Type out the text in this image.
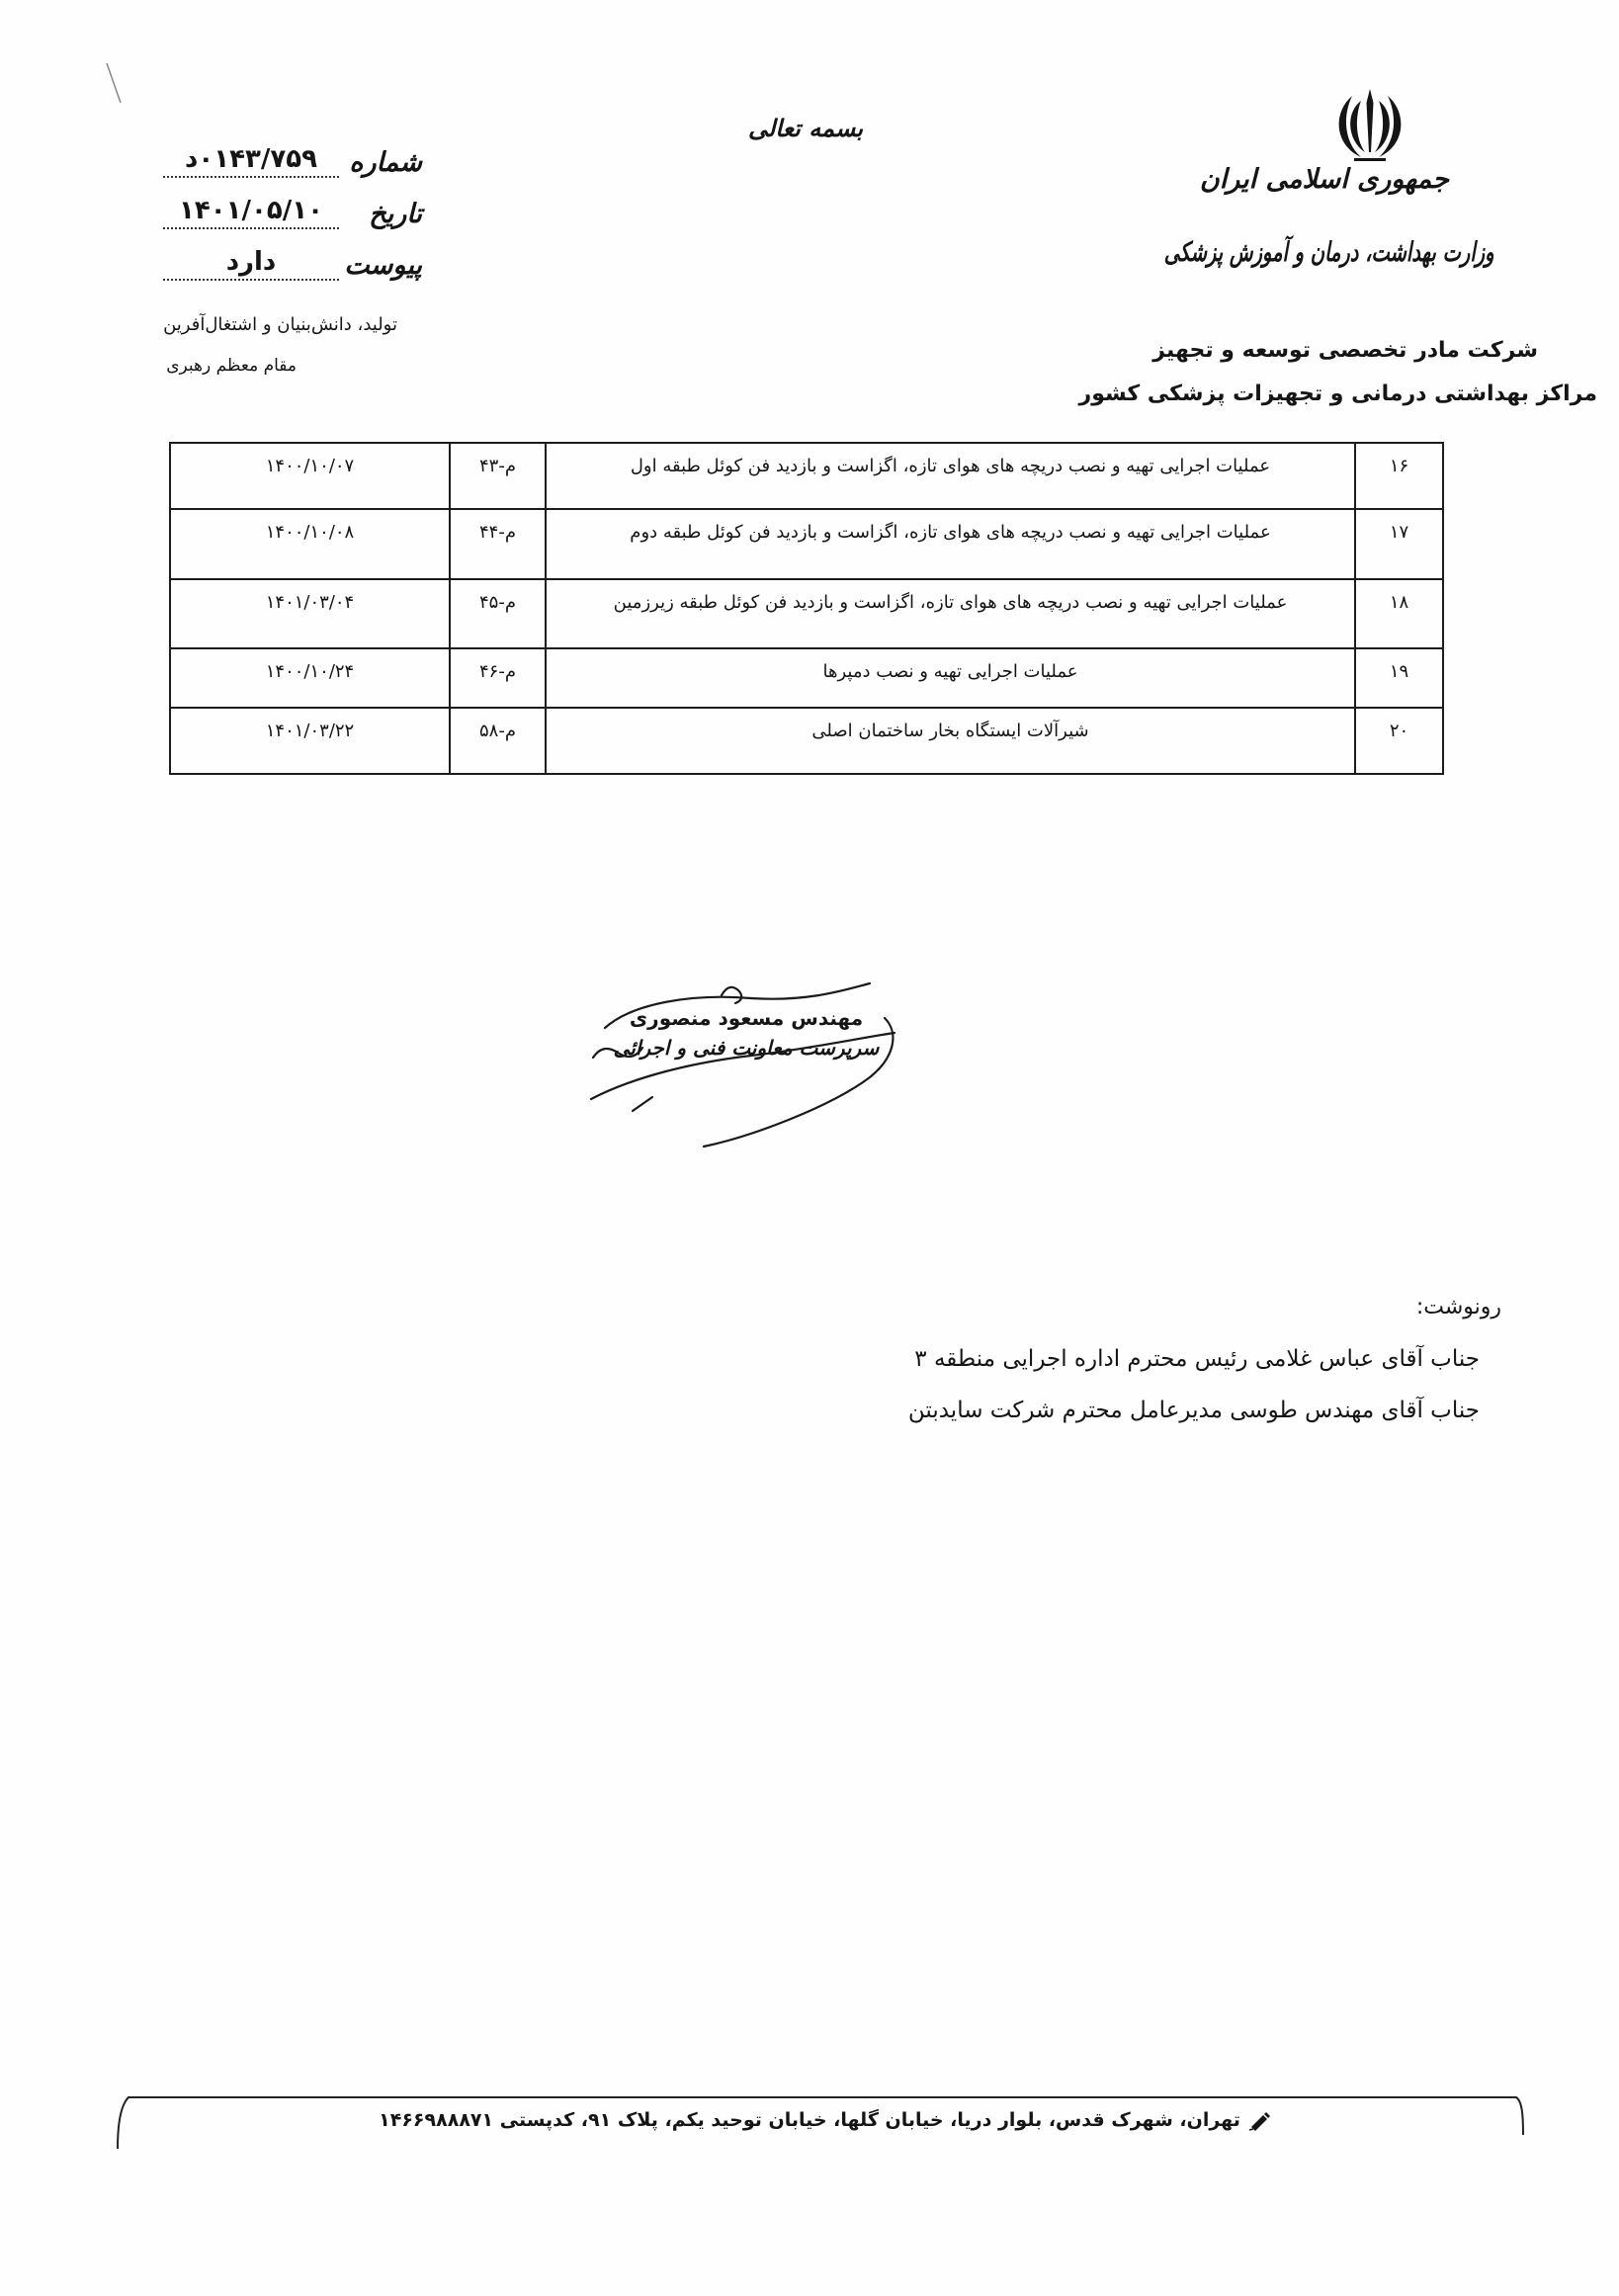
بسمه تعالی
جمهوری اسلامی ایران
وزارت بهداشت، درمان و آموزش پزشکی
شرکت مادر تخصصی توسعه و تجهیز
مراکز بهداشتی درمانی و تجهیزات پزشکی کشور
شماره
۰۱۴۳/۷۵۹د
تاریخ
۱۴۰۱/۰۵/۱۰
پیوست
دارد
تولید، دانش‌بنیان و اشتغال‌آفرین
مقام معظم رهبری
۱۶	عملیات اجرایی تهیه و نصب دریچه های هوای تازه، اگزاست و بازدید فن کوئل طبقه اول	م-۴۳	۱۴۰۰/۱۰/۰۷
۱۷	عملیات اجرایی تهیه و نصب دریچه های هوای تازه، اگزاست و بازدید فن کوئل طبقه دوم	م-۴۴	۱۴۰۰/۱۰/۰۸
۱۸	عملیات اجرایی تهیه و نصب دریچه های هوای تازه، اگزاست و بازدید فن کوئل طبقه زیرزمین	م-۴۵	۱۴۰۱/۰۳/۰۴
۱۹	عملیات اجرایی تهیه و نصب دمپرها	م-۴۶	۱۴۰۰/۱۰/۲۴
۲۰	شیرآلات ایستگاه بخار ساختمان اصلی	م-۵۸	۱۴۰۱/۰۳/۲۲
مهندس مسعود منصوری
سرپرست معاونت فنی و اجرائی
رونوشت:
جناب آقای عباس غلامی رئیس محترم اداره اجرایی منطقه ۳
جناب آقای مهندس طوسی مدیرعامل محترم شرکت سایدبتن
تهران، شهرک قدس، بلوار دریا، خیابان گلها، خیابان توحید یکم، پلاک ۹۱، کدپستی ۱۴۶۶۹۸۸۸۷۱
